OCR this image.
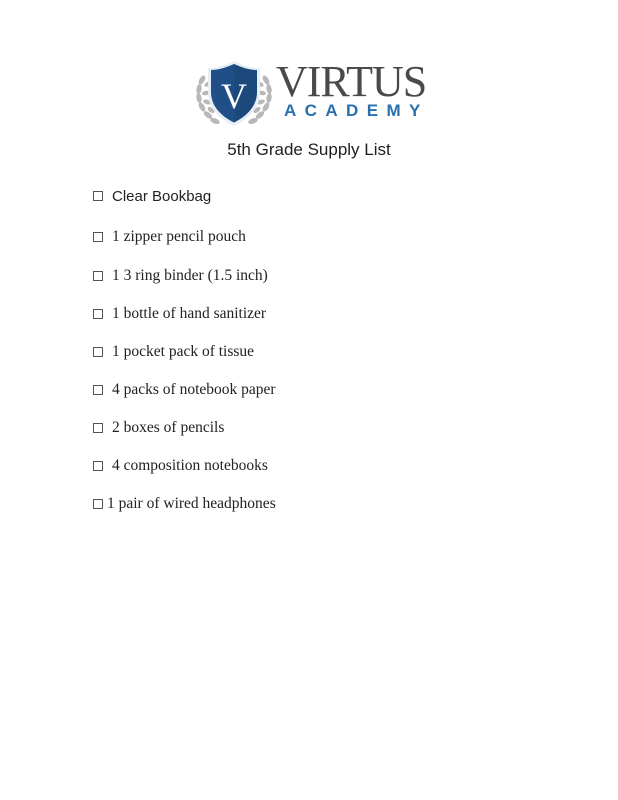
V VIRTUS
ACADEMY
5th Grade Supply List
Clear Bookbag
1 zipper pencil pouch
1 3 ring binder (1.5 inch)
1 bottle of hand sanitizer
1 pocket pack of tissue
4 packs of notebook paper
2 boxes of pencils
4 composition notebooks
1 pair of wired headphones
